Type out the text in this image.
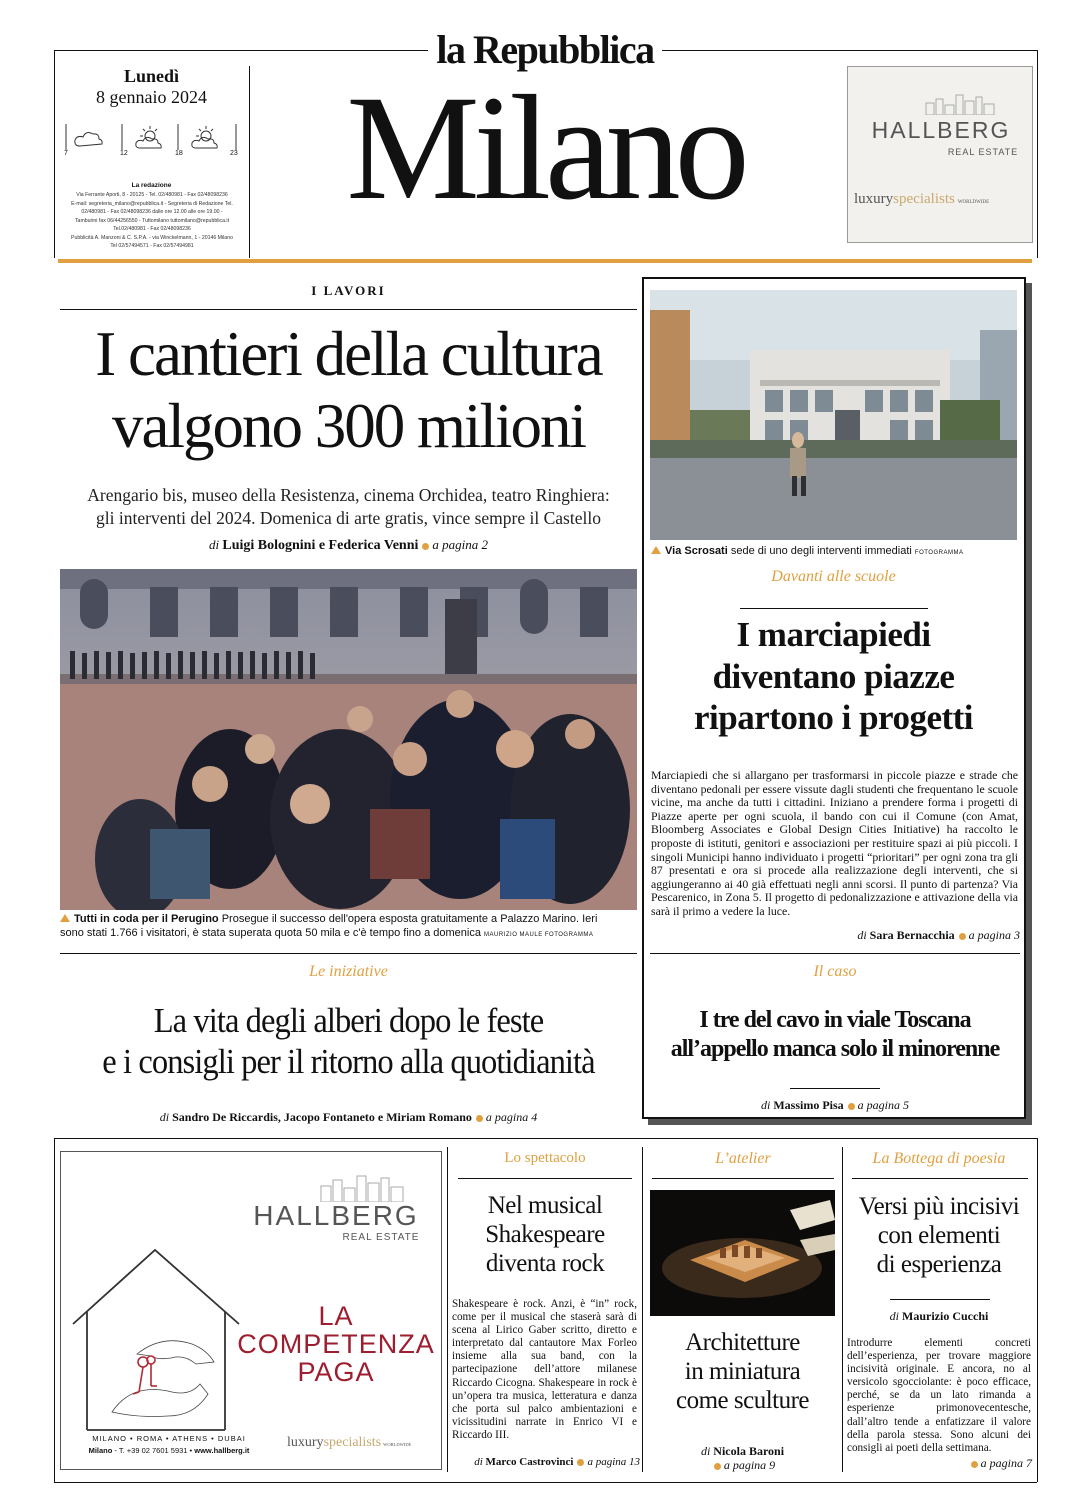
la Repubblica
Lunedì
8 gennaio 2024
7	12	18	23
La redazione
Via Ferrante Aporti, 8 - 20125 - Tel. 02/480981 - Fax 02/48098236
E-mail: segreteria_milano@repubblica.it - Segreteria di Redazione Tel.
02/480981 - Fax 02/48098236 dalle ore 12.00 alle ore 19.00 -
Tamburini fax 06/44256550 - Tuttomilano tuttomilano@repubblica.it
Tel.02/480981 - Fax 02/48098236
Pubblicità A. Manzoni & C. S.P.A. - via Winckelmann, 1 - 20146 Milano
Tel 02/57494571 - Fax 02/57494981
Milano	HALLBERG
REAL ESTATE
luxuryspecialists WORLDWIDE
I LAVORI
I cantieri della cultura
valgono 300 milioni
Arengario bis, museo della Resistenza, cinema Orchidea, teatro Ringhiera:
gli interventi del 2024. Domenica di arte gratis, vince sempre il Castello
di Luigi Bolognini e Federica Venni a pagina 2
Tutti in coda per il Perugino Prosegue il successo dell'opera esposta gratuitamente a Palazzo Marino. Ieri
sono stati 1.766 i visitatori, è stata superata quota 50 mila e c'è tempo fino a domenica MAURIZIO MAULE FOTOGRAMMA
Le iniziative
La vita degli alberi dopo le feste
e i consigli per il ritorno alla quotidianità
di Sandro De Riccardis, Jacopo Fontaneto e Miriam Romano a pagina 4
Via Scrosati sede di uno degli interventi immediati FOTOGRAMMA
Davanti alle scuole
I marciapiedi
diventano piazze
ripartono i progetti
Marciapiedi che si allargano per trasformarsi in piccole piazze e strade che diventano pedonali per essere vissute dagli studenti che frequentano le scuole vicine, ma anche da tutti i cittadini. Iniziano a prendere forma i progetti di Piazze aperte per ogni scuola, il bando con cui il Comune (con Amat, Bloomberg Associates e Global Design Cities Initiative) ha raccolto le proposte di istituti, genitori e associazioni per restituire spazi ai più piccoli. I singoli Municipi hanno individuato i progetti “prioritari” per ogni zona tra gli 87 presentati e ora si procede alla realizzazione degli interventi, che si aggiungeranno ai 40 già effettuati negli anni scorsi. Il punto di partenza? Via Pescarenico, in Zona 5. Il progetto di pedonalizzazione e attivazione della via sarà il primo a vedere la luce.
di Sara Bernacchia a pagina 3
Il caso
I tre del cavo in viale Toscana
all’appello manca solo il minorenne
di Massimo Pisa a pagina 5
HALLBERG
REAL ESTATE
LA
COMPETENZA
PAGA
MILANO • ROMA • ATHENS • DUBAI
Milano - T. +39 02 7601 5931 • www.hallberg.it
luxuryspecialists WORLDWIDE
Lo spettacolo
Nel musical
Shakespeare
diventa rock
Shakespeare è rock. Anzi, è “in” rock, come per il musical che staserà sarà di scena al Lirico Gaber scritto, diretto e interpretato dal cantautore Max Forleo insieme alla sua band, con la partecipazione dell’attore milanese Riccardo Cicogna. Shakespeare in rock è un’opera tra musica, letteratura e danza che porta sul palco ambientazioni e vicissitudini narrate in Enrico VI e Riccardo III.
di Marco Castrovinci a pagina 13
L’atelier
Architetture
in miniatura
come sculture
di Nicola Baroni
a pagina 9
La Bottega di poesia
Versi più incisivi
con elementi
di esperienza
di Maurizio Cucchi
Introdurre elementi concreti dell’esperienza, per trovare maggiore incisività originale. E ancora, no al versicolo sgocciolante: è poco efficace, perché, se da un lato rimanda a esperienze primonovecentesche, dall’altro tende a enfatizzare il valore della parola stessa. Sono alcuni dei consigli ai poeti della settimana.
a pagina 7
